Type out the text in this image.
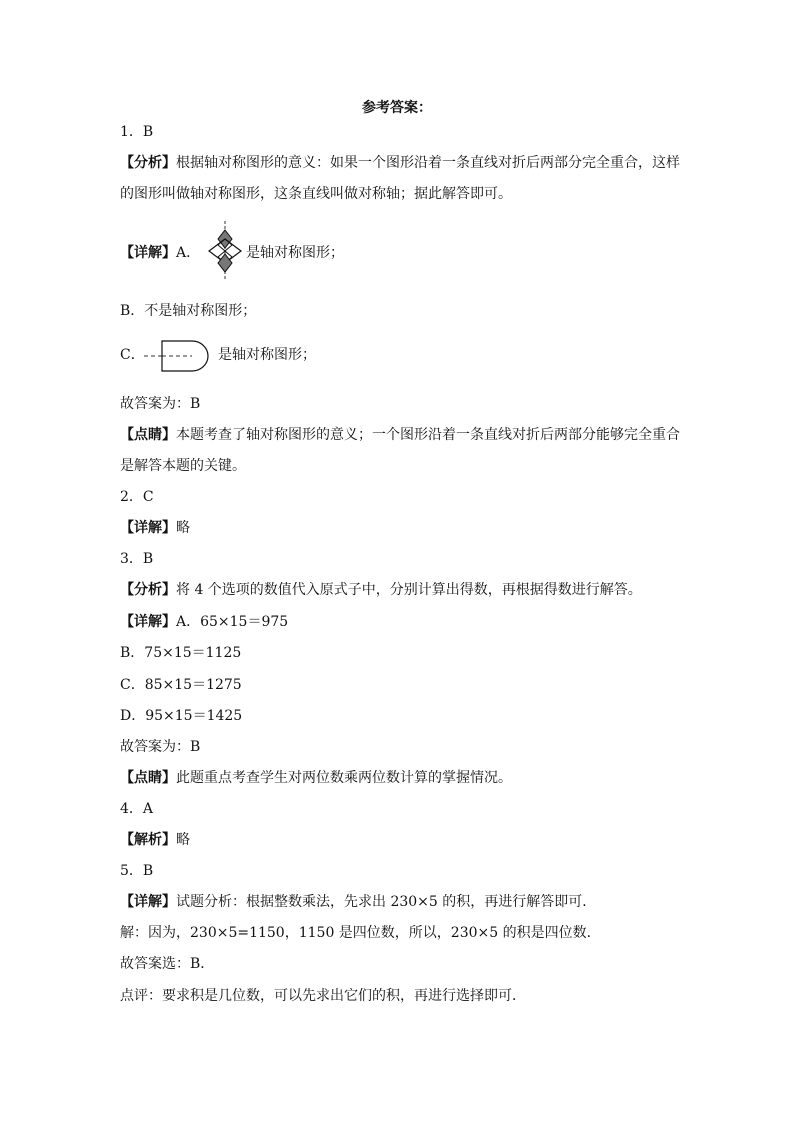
参考答案：
1．B
【分析】根据轴对称图形的意义：如果一个图形沿着一条直线对折后两部分完全重合，这样
的图形叫做轴对称图形，这条直线叫做对称轴；据此解答即可。
【详解】A．	是轴对称图形；
B．不是轴对称图形；
C．	是轴对称图形；
故答案为：B
【点睛】本题考查了轴对称图形的意义；一个图形沿着一条直线对折后两部分能够完全重合
是解答本题的关键。
2．C
【详解】略
3．B
【分析】将 4 个选项的数值代入原式子中，分别计算出得数，再根据得数进行解答。
【详解】A．65×15＝975
B．75×15＝1125
C．85×15＝1275
D．95×15＝1425
故答案为：B
【点睛】此题重点考查学生对两位数乘两位数计算的掌握情况。
4．A
【解析】略
5．B
【详解】试题分析：根据整数乘法，先求出 230×5 的积，再进行解答即可．
解：因为，230×5=1150，1150 是四位数，所以，230×5 的积是四位数．
故答案选：B．
点评：要求积是几位数，可以先求出它们的积，再进行选择即可．
